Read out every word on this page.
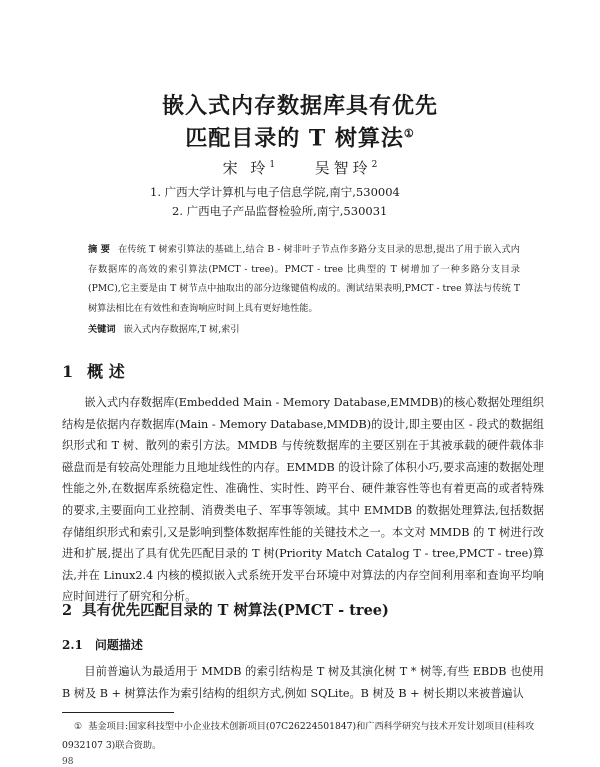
嵌入式内存数据库具有优先
匹配目录的 T 树算法①
宋 玲$^1$	吴智玲$^2$
1. 广西大学计算机与电子信息学院,南宁,530004
2. 广西电子产品监督检验所,南宁,530031
摘 要 在传统 T 树索引算法的基础上,结合 B - 树非叶子节点作多路分支目录的思想,提出了用于嵌入式内存数据库的高效的索引算法(PMCT - tree)。PMCT - tree 比典型的 T 树增加了一种多路分支目录(PMC),它主要是由 T 树节点中抽取出的部分边缘键值构成的。测试结果表明,PMCT - tree 算法与传统 T 树算法相比在有效性和查询响应时间上具有更好地性能。
关键词 嵌入式内存数据库,T 树,索引
1 概 述

嵌入式内存数据库(Embedded Main - Memory Database,EMMDB)的核心数据处理组织结构是依据内存数据库(Main - Memory Database,MMDB)的设计,即主要由区 - 段式的数据组织形式和 T 树、散列的索引方法。MMDB 与传统数据库的主要区别在于其被承载的硬件载体非磁盘而是有较高处理能力且地址线性的内存。EMMDB 的设计除了体积小巧,要求高速的数据处理性能之外,在数据库系统稳定性、准确性、实时性、跨平台、硬件兼容性等也有着更高的或者特殊的要求,主要面向工业控制、消费类电子、军事等领域。其中 EMMDB 的数据处理算法,包括数据存储组织形式和索引,又是影响到整体数据库性能的关键技术之一。本文对 MMDB 的 T 树进行改进和扩展,提出了具有优先匹配目录的 T 树(Priority Match Catalog T - tree,PMCT - tree)算法,并在 Linux2.4 内核的模拟嵌入式系统开发平台环境中对算法的内存空间利用率和查询平均响应时间进行了研究和分析。

2 具有优先匹配目录的 T 树算法(PMCT - tree)
2.1 问题描述

目前普遍认为最适用于 MMDB 的索引结构是 T 树及其演化树 T * 树等,有些 EBDB 也使用 B 树及 B + 树算法作为索引结构的组织方式,例如 SQLite。B 树及 B + 树长期以来被普遍认

① 基金项目:国家科技型中小企业技术创新项目(07C26224501847)和广西科学研究与技术开发计划项目(桂科攻 0932107 3)联合资助。
98
